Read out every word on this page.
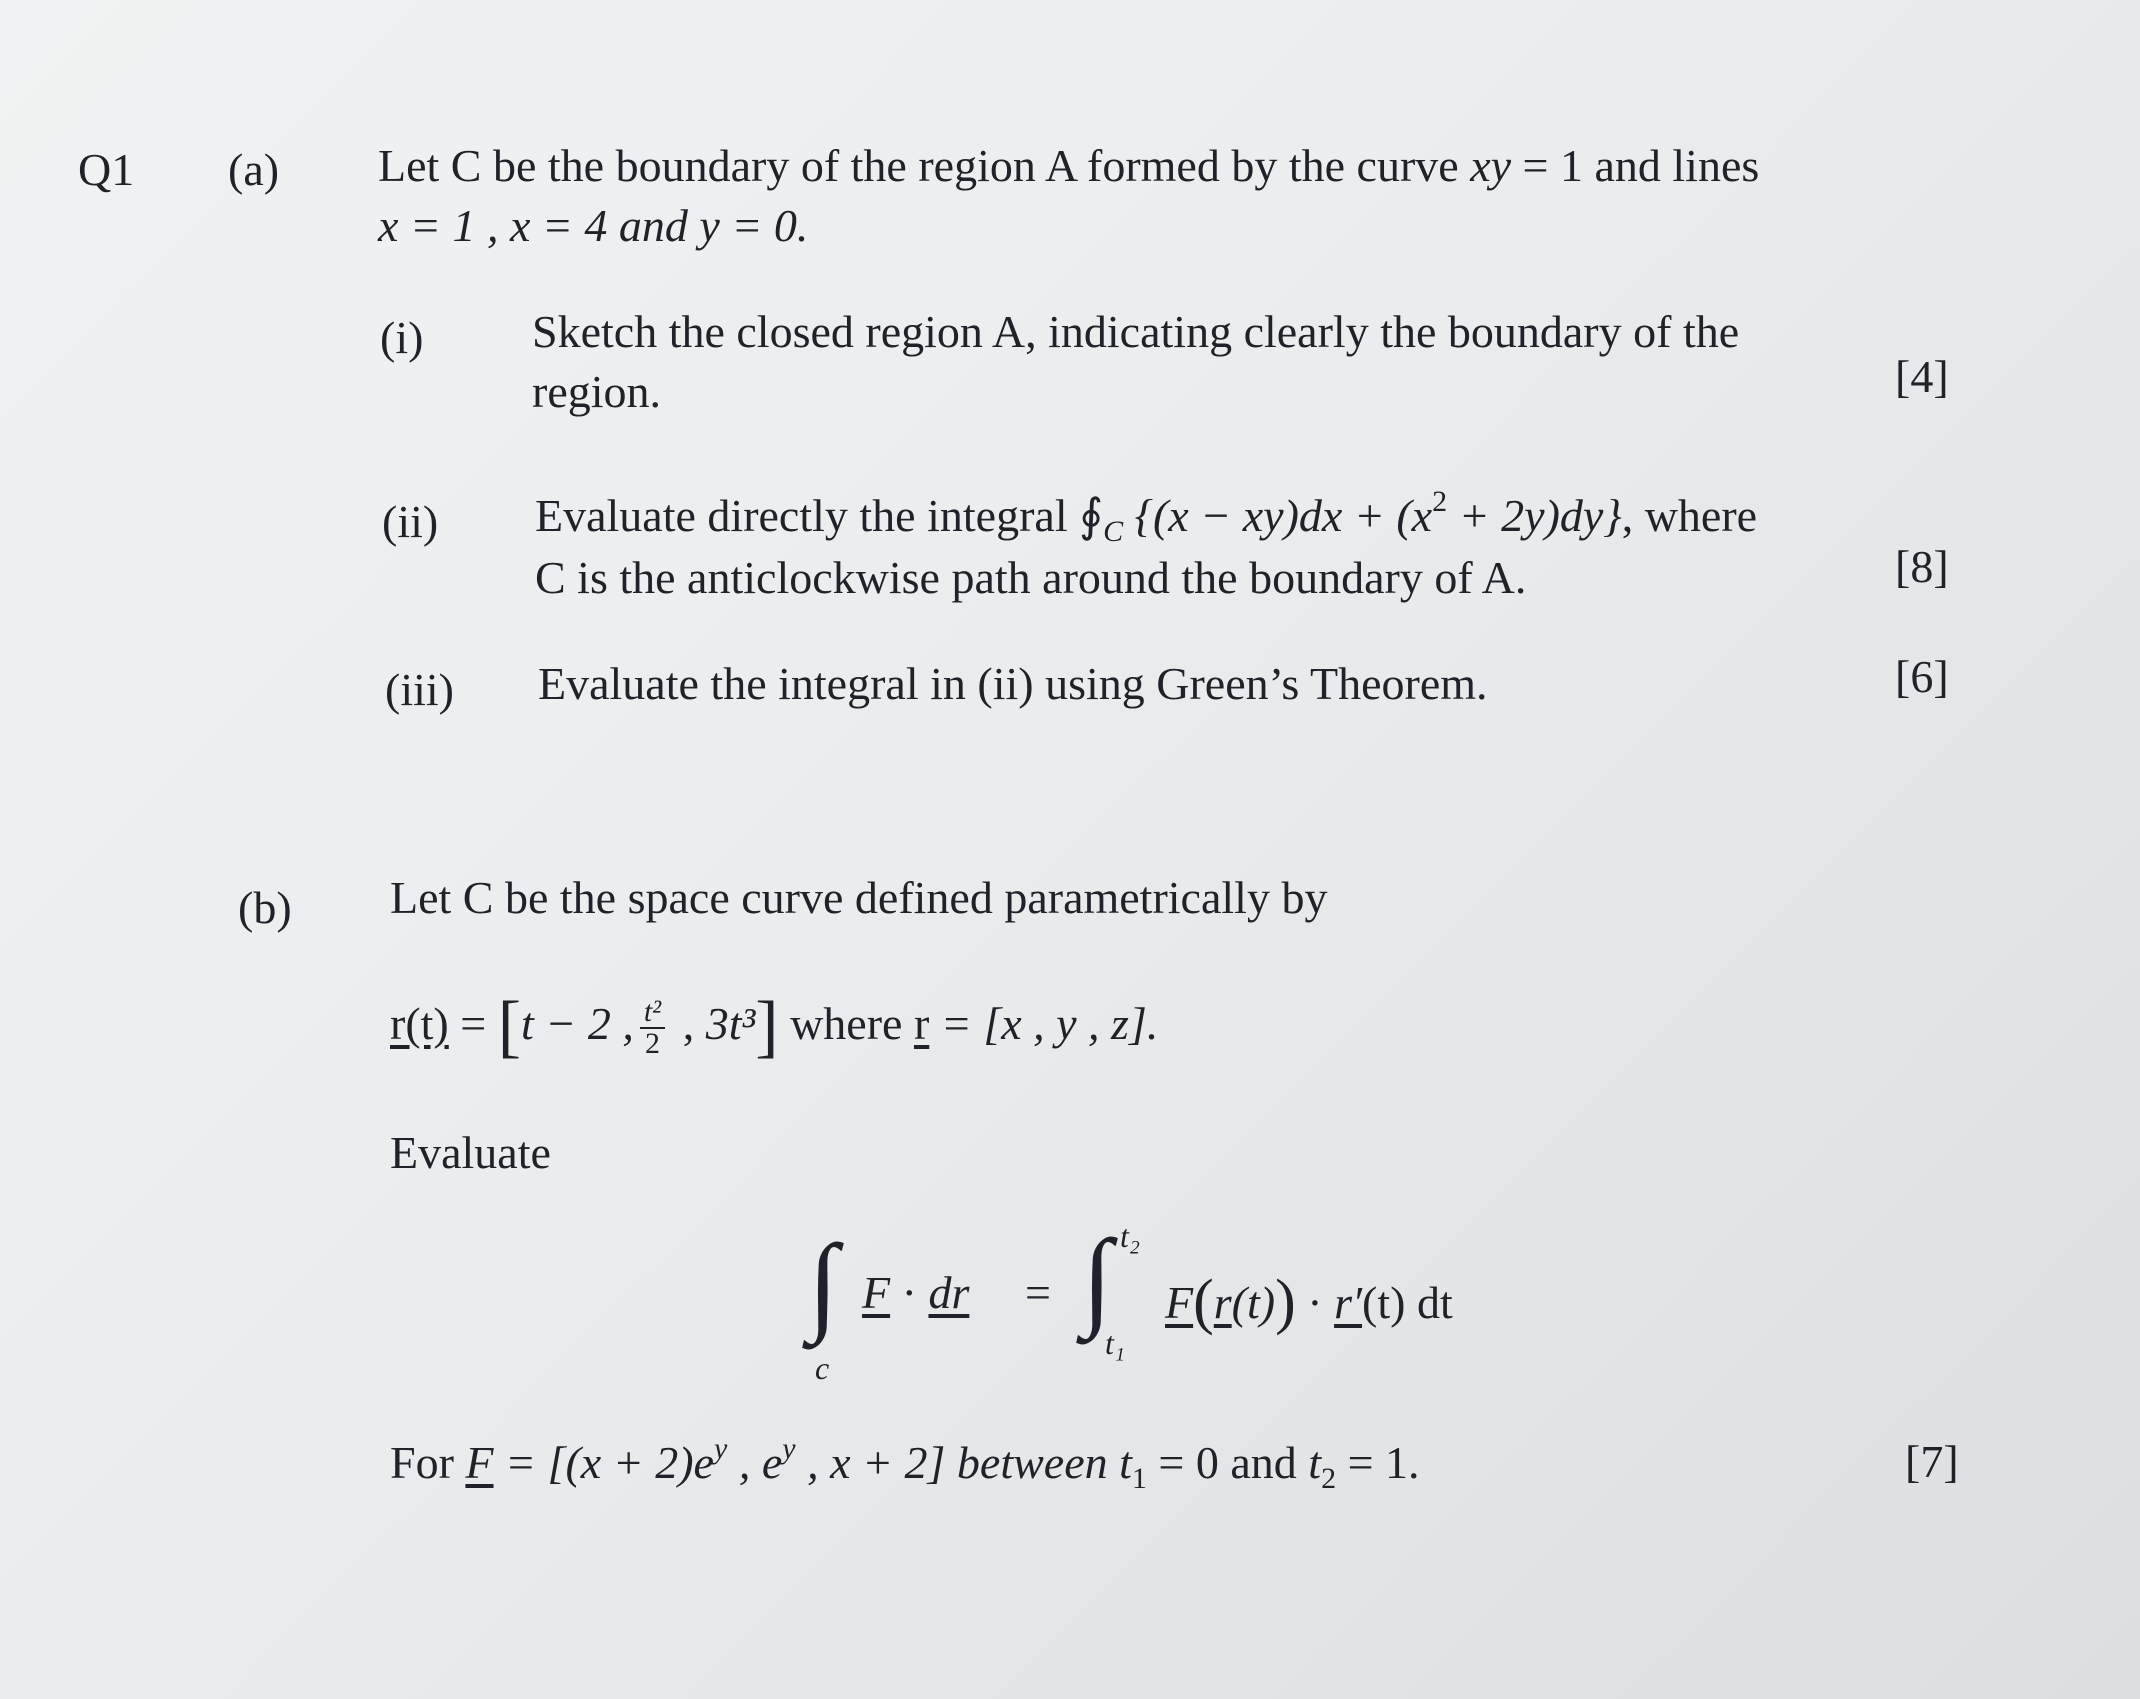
Q1 (a) Let C be the boundary of the region A formed by the curve xy = 1 and lines
x = 1 , x = 4 and y = 0.
(i) Sketch the closed region A, indicating clearly the boundary of the
region.	[4]
(ii) Evaluate directly the integral $∮_C$ $\{(x - xy)dx + (x^2 + 2y)dy\}$, where
C is the anticlockwise path around the boundary of A.	[8]
(iii) Evaluate the integral in (ii) using Green’s Theorem.	[6]
(b) Let C be the space curve defined parametrically by
r(t) = [t − 2 , $\frac{\text{t²}}{2}$ , 3t³] where r = [x , y , z].
Evaluate
∫
c
F · dr = ∫ t₂
t₁
F(r(t)) · r′(t) dt
For $F = [(x + 2)e^y$ , $e^y$ , x + 2] between $t_1 = 0$ and $t_2 = 1$.	[7]
